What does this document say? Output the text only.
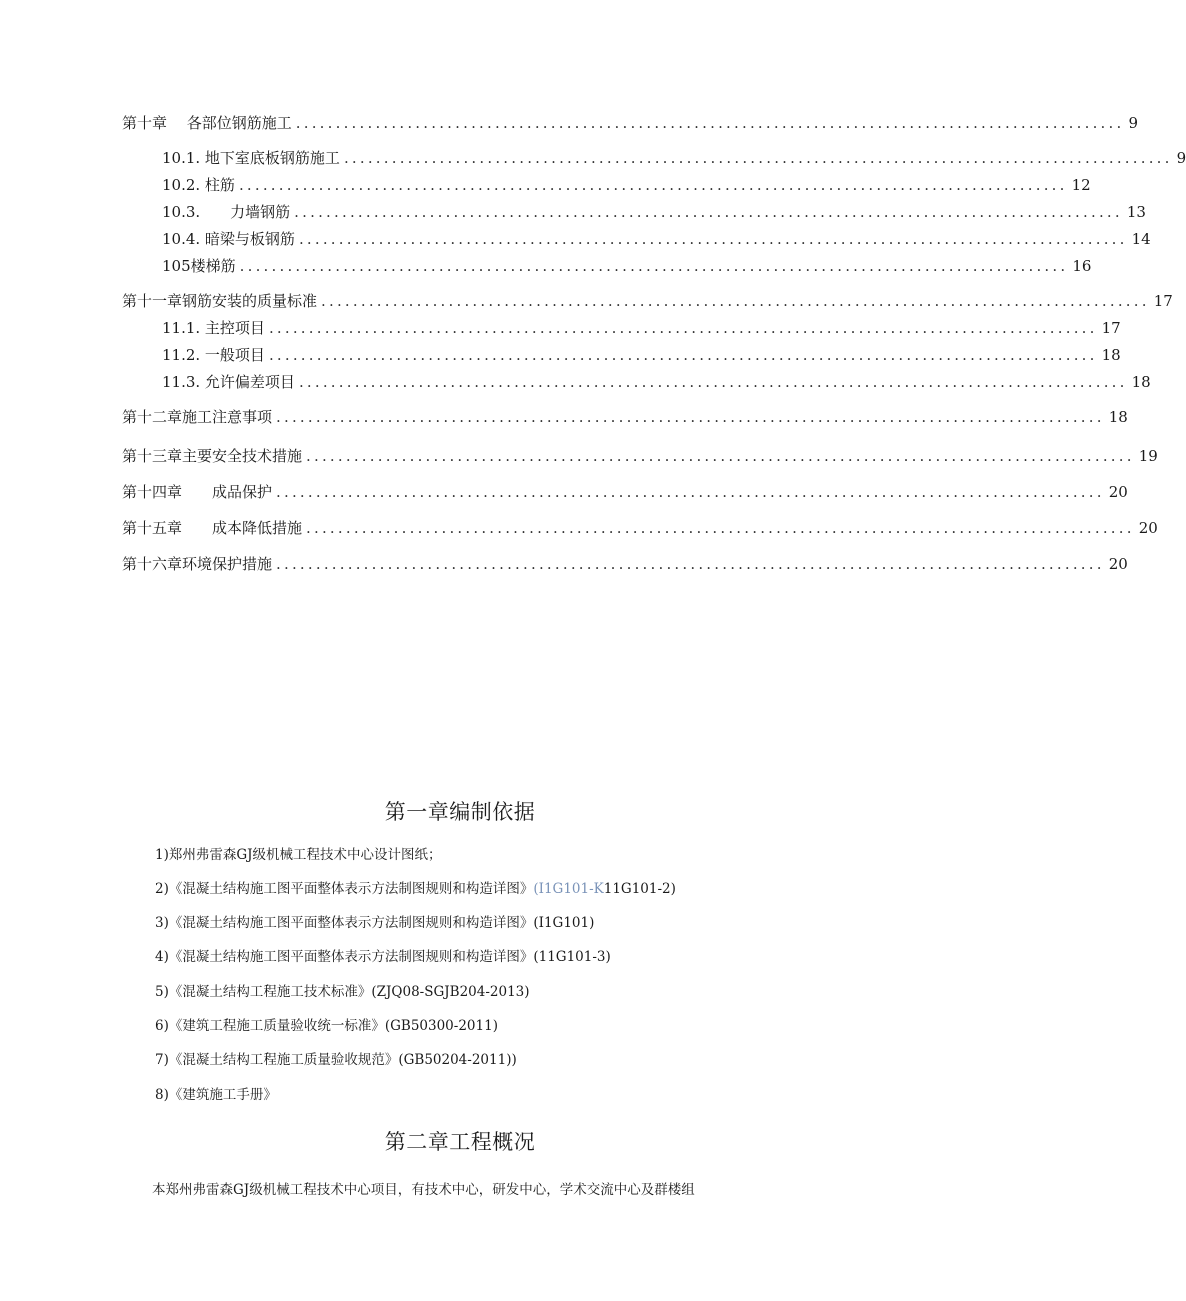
第十章　 各部位钢筋施工 ........................................................................................................ 9
10.1. 地下室底板钢筋施工 ........................................................................................................ 9
10.2. 柱筋 ........................................................................................................ 12
10.3.　　力墙钢筋 ........................................................................................................ 13
10.4. 暗梁与板钢筋 ........................................................................................................ 14
105楼梯筋 ........................................................................................................ 16
第十一章钢筋安装的质量标准 ........................................................................................................ 17
11.1. 主控项目 ........................................................................................................ 17
11.2. 一般项目 ........................................................................................................ 18
11.3. 允许偏差项目 ........................................................................................................ 18
第十二章施工注意事项 ........................................................................................................ 18
第十三章主要安全技术措施 ........................................................................................................ 19
第十四章　　成品保护 ........................................................................................................ 20
第十五章　　成本降低措施 ........................................................................................................ 20
第十六章环境保护措施 ........................................................................................................ 20
第一章编制依据
1)郑州弗雷森GJ级机械工程技术中心设计图纸；
2)《混凝土结构施工图平面整体表示方法制图规则和构造详图》(I1G101-K11G101-2)
3)《混凝土结构施工图平面整体表示方法制图规则和构造详图》(I1G101)
4)《混凝土结构施工图平面整体表示方法制图规则和构造详图》(11G101-3)
5)《混凝土结构工程施工技术标准》(ZJQ08-SGJB204-2013)
6)《建筑工程施工质量验收统一标准》(GB50300-2011)
7)《混凝土结构工程施工质量验收规范》(GB50204-2011))
8)《建筑施工手册》
第二章工程概况
本郑州弗雷森GJ级机械工程技术中心项目，有技术中心，研发中心，学术交流中心及群楼组
